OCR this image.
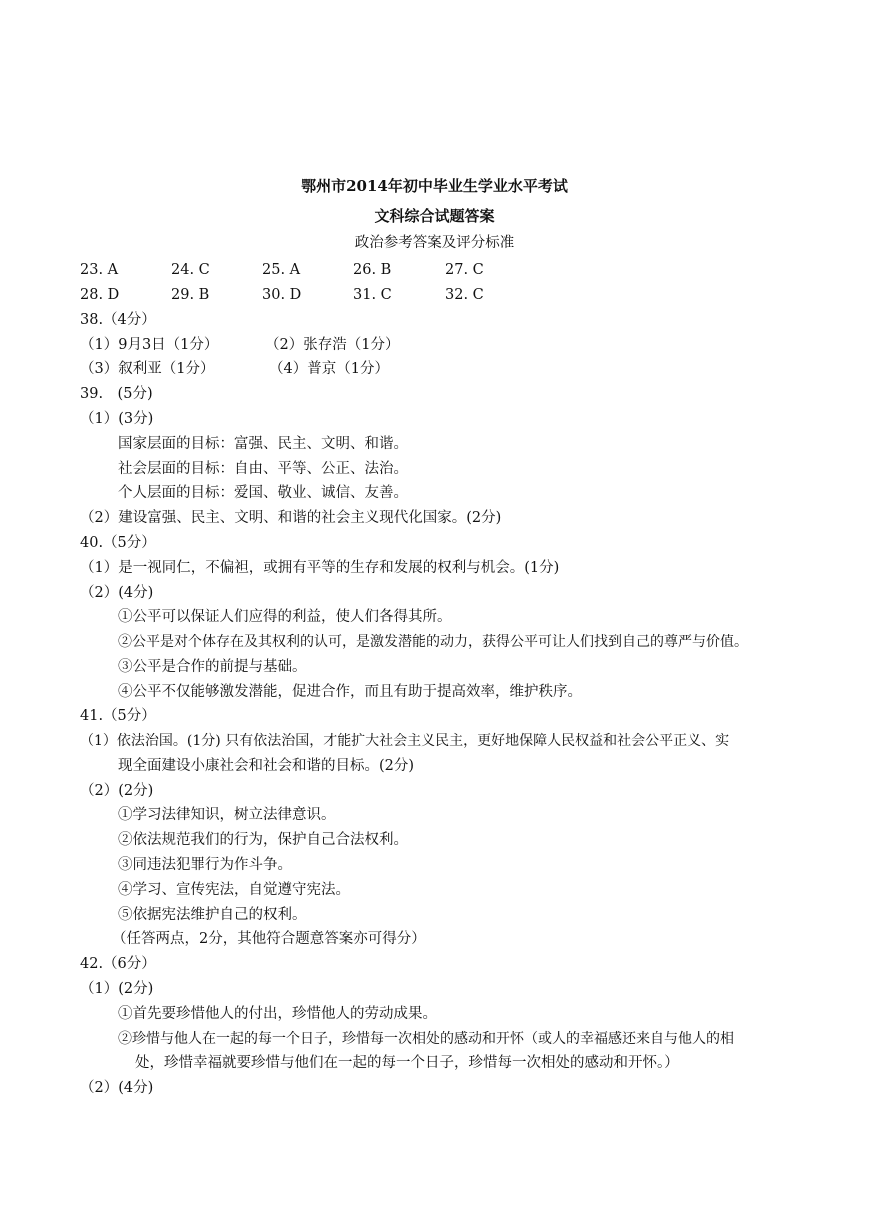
鄂州市2014年初中毕业生学业水平考试
文科综合试题答案
政治参考答案及评分标准
23. A	24. C	25. A	26. B	27. C
28. D	29. B	30. D	31. C	32. C
38.（4分）
（1）9月3日（1分）	（2）张存浩（1分）
（3）叙利亚（1分）	（4）普京（1分）
39.　(5分)
（1）(3分)
国家层面的目标：富强、民主、文明、和谐。
社会层面的目标：自由、平等、公正、法治。
个人层面的目标：爱国、敬业、诚信、友善。
（2）建设富强、民主、文明、和谐的社会主义现代化国家。(2分)
40.（5分）
（1）是一视同仁，不偏袒，或拥有平等的生存和发展的权利与机会。(1分)
（2）(4分)
①公平可以保证人们应得的利益，使人们各得其所。
②公平是对个体存在及其权利的认可，是激发潜能的动力，获得公平可让人们找到自己的尊严与价值。
③公平是合作的前提与基础。
④公平不仅能够激发潜能，促进合作，而且有助于提高效率，维护秩序。
41.（5分）
（1）依法治国。(1分) 只有依法治国，才能扩大社会主义民主，更好地保障人民权益和社会公平正义、实
现全面建设小康社会和社会和谐的目标。(2分)
（2）(2分)
①学习法律知识，树立法律意识。
②依法规范我们的行为，保护自己合法权利。
③同违法犯罪行为作斗争。
④学习、宣传宪法，自觉遵守宪法。
⑤依据宪法维护自己的权利。
（任答两点，2分，其他符合题意答案亦可得分）
42.（6分）
（1）(2分)
①首先要珍惜他人的付出，珍惜他人的劳动成果。
②珍惜与他人在一起的每一个日子，珍惜每一次相处的感动和开怀（或人的幸福感还来自与他人的相
处，珍惜幸福就要珍惜与他们在一起的每一个日子，珍惜每一次相处的感动和开怀。）
（2）(4分)
